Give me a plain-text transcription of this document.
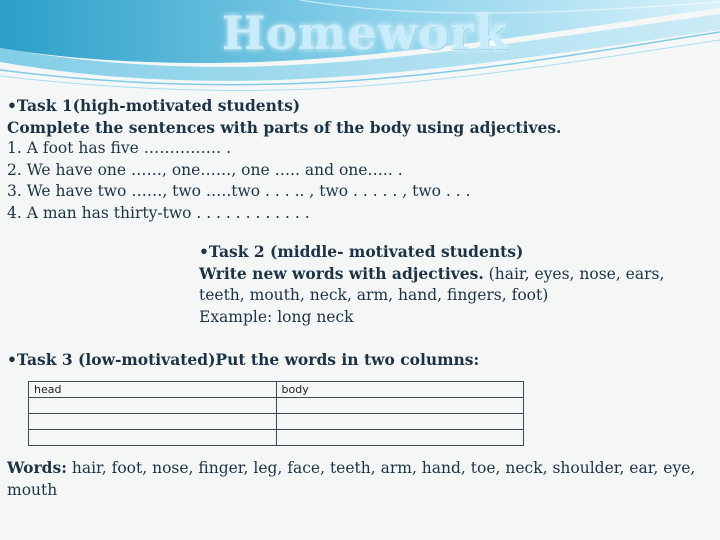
Homework
•Task 1(high-motivated students)
Complete the sentences with parts of the body using adjectives.
1. A foot has five …………… .
2. We have one ……, one……, one ….. and one….. .
3. We have two ……, two …..two . . . .. , two . . . . . , two . . .
4. A man has thirty-two . . . . . . . . . . . .
•Task 2 (middle- motivated students)
Write new words with adjectives. (hair, eyes, nose, ears, teeth, mouth, neck, arm, hand, fingers, foot)
Example: long neck
•Task 3 (low-motivated)Put the words in two columns:
head	body

Words: hair, foot, nose, finger, leg, face, teeth, arm, hand, toe, neck, shoulder, ear, eye, mouth
